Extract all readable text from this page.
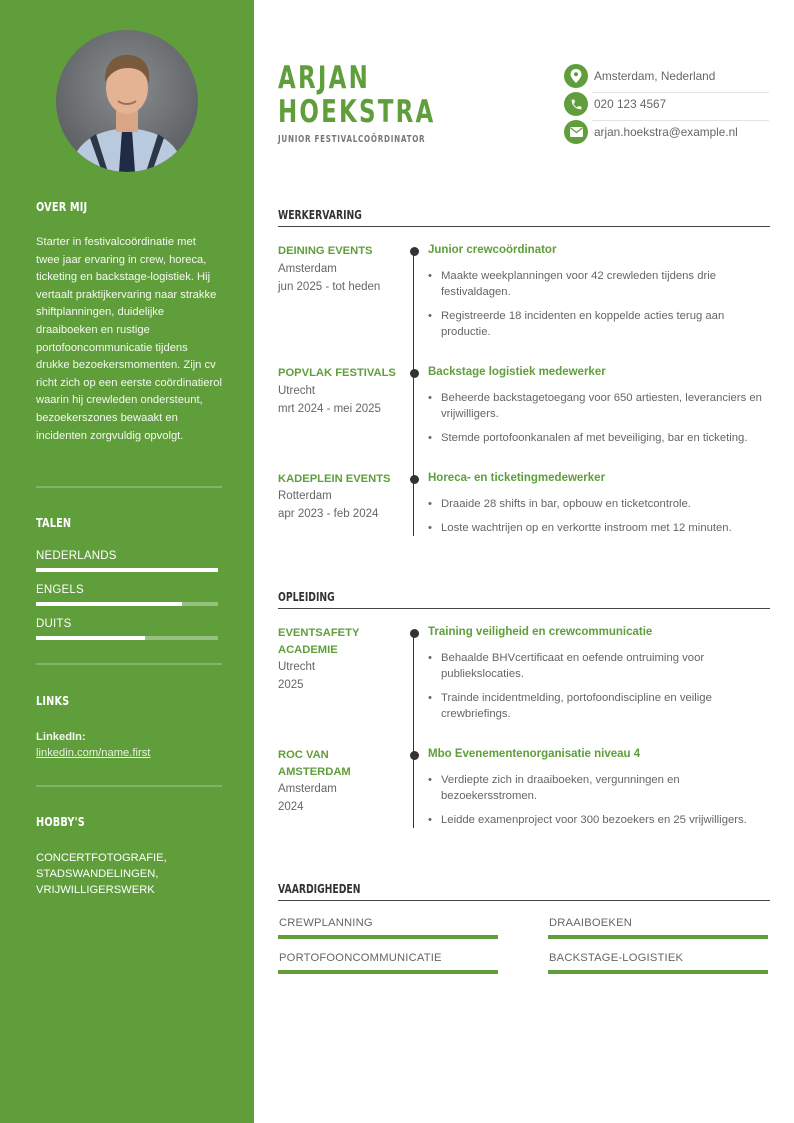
OVER MIJ
Starter in festivalcoördinatie met twee jaar ervaring in crew, horeca, ticketing en backstage-logistiek. Hij vertaalt praktijkervaring naar strakke shiftplanningen, duidelijke draaiboeken en rustige portofooncommunicatie tijdens drukke bezoekersmomenten. Zijn cv richt zich op een eerste coördinatierol waarin hij crewleden ondersteunt, bezoekerszones bewaakt en incidenten zorgvuldig opvolgt.
TALEN
NEDERLANDS
ENGELS
DUITS
LINKS
LinkedIn:
linkedin.com/name.first
HOBBY'S
CONCERTFOTOGRAFIE, STADSWANDELINGEN, VRIJWILLIGERSWERK
ARJAN
HOEKSTRA
JUNIOR FESTIVALCOÖRDINATOR
Amsterdam, Nederland
020 123 4567
arjan.hoekstra@example.nl
WERKERVARING
DEINING EVENTS
Amsterdam
jun 2025 - tot heden
Junior crewcoördinator
• Maakte weekplanningen voor 42 crewleden tijdens drie festivaldagen.
• Registreerde 18 incidenten en koppelde acties terug aan productie.
POPVLAK FESTIVALS
Utrecht
mrt 2024 - mei 2025
Backstage logistiek medewerker
• Beheerde backstagetoegang voor 650 artiesten, leveranciers en vrijwilligers.
• Stemde portofoonkanalen af met beveiliging, bar en ticketing.
KADEPLEIN EVENTS
Rotterdam
apr 2023 - feb 2024
Horeca- en ticketingmedewerker
• Draaide 28 shifts in bar, opbouw en ticketcontrole.
• Loste wachtrijen op en verkortte instroom met 12 minuten.
OPLEIDING
EVENTSAFETY
ACADEMIE
Utrecht
2025
Training veiligheid en crewcommunicatie
• Behaalde BHVcertificaat en oefende ontruiming voor publiekslocaties.
• Trainde incidentmelding, portofoondiscipline en veilige crewbriefings.
ROC VAN
AMSTERDAM
Amsterdam
2024
Mbo Evenementenorganisatie niveau 4
• Verdiepte zich in draaiboeken, vergunningen en bezoekersstromen.
• Leidde examenproject voor 300 bezoekers en 25 vrijwilligers.
VAARDIGHEDEN
CREWPLANNING	DRAAIBOEKEN
PORTOFOONCOMMUNICATIE	BACKSTAGE-LOGISTIEK
